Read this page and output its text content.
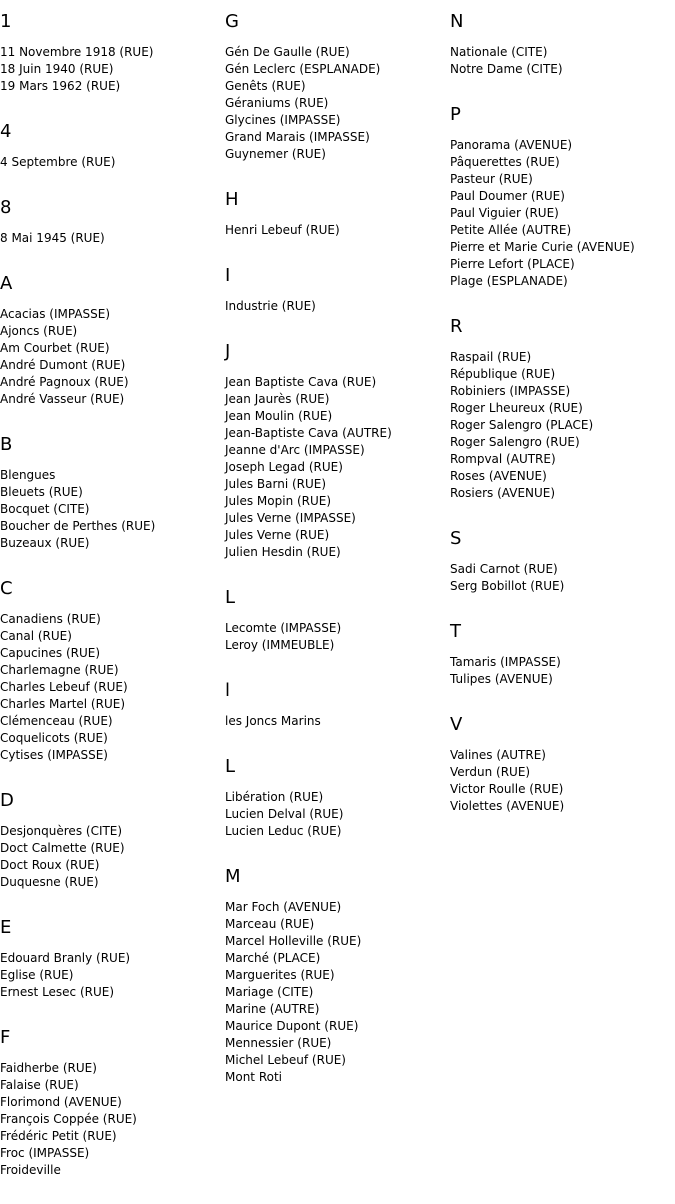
1
11 Novembre 1918 (RUE)
18 Juin 1940 (RUE)
19 Mars 1962 (RUE)
4
4 Septembre (RUE)
8
8 Mai 1945 (RUE)
A
Acacias (IMPASSE)
Ajoncs (RUE)
Am Courbet (RUE)
André Dumont (RUE)
André Pagnoux (RUE)
André Vasseur (RUE)
B
Blengues
Bleuets (RUE)
Bocquet (CITE)
Boucher de Perthes (RUE)
Buzeaux (RUE)
C
Canadiens (RUE)
Canal (RUE)
Capucines (RUE)
Charlemagne (RUE)
Charles Lebeuf (RUE)
Charles Martel (RUE)
Clémenceau (RUE)
Coquelicots (RUE)
Cytises (IMPASSE)
D
Desjonquères (CITE)
Doct Calmette (RUE)
Doct Roux (RUE)
Duquesne (RUE)
E
Edouard Branly (RUE)
Eglise (RUE)
Ernest Lesec (RUE)
F
Faidherbe (RUE)
Falaise (RUE)
Florimond (AVENUE)
François Coppée (RUE)
Frédéric Petit (RUE)
Froc (IMPASSE)
Froideville
G
Gén De Gaulle (RUE)
Gén Leclerc (ESPLANADE)
Genêts (RUE)
Géraniums (RUE)
Glycines (IMPASSE)
Grand Marais (IMPASSE)
Guynemer (RUE)
H
Henri Lebeuf (RUE)
I
Industrie (RUE)
J
Jean Baptiste Cava (RUE)
Jean Jaurès (RUE)
Jean Moulin (RUE)
Jean-Baptiste Cava (AUTRE)
Jeanne d'Arc (IMPASSE)
Joseph Legad (RUE)
Jules Barni (RUE)
Jules Mopin (RUE)
Jules Verne (IMPASSE)
Jules Verne (RUE)
Julien Hesdin (RUE)
L
Lecomte (IMPASSE)
Leroy (IMMEUBLE)
l
les Joncs Marins
L
Libération (RUE)
Lucien Delval (RUE)
Lucien Leduc (RUE)
M
Mar Foch (AVENUE)
Marceau (RUE)
Marcel Holleville (RUE)
Marché (PLACE)
Marguerites (RUE)
Mariage (CITE)
Marine (AUTRE)
Maurice Dupont (RUE)
Mennessier (RUE)
Michel Lebeuf (RUE)
Mont Roti
N
Nationale (CITE)
Notre Dame (CITE)
P
Panorama (AVENUE)
Pâquerettes (RUE)
Pasteur (RUE)
Paul Doumer (RUE)
Paul Viguier (RUE)
Petite Allée (AUTRE)
Pierre et Marie Curie (AVENUE)
Pierre Lefort (PLACE)
Plage (ESPLANADE)
R
Raspail (RUE)
République (RUE)
Robiniers (IMPASSE)
Roger Lheureux (RUE)
Roger Salengro (PLACE)
Roger Salengro (RUE)
Rompval (AUTRE)
Roses (AVENUE)
Rosiers (AVENUE)
S
Sadi Carnot (RUE)
Serg Bobillot (RUE)
T
Tamaris (IMPASSE)
Tulipes (AVENUE)
V
Valines (AUTRE)
Verdun (RUE)
Victor Roulle (RUE)
Violettes (AVENUE)
